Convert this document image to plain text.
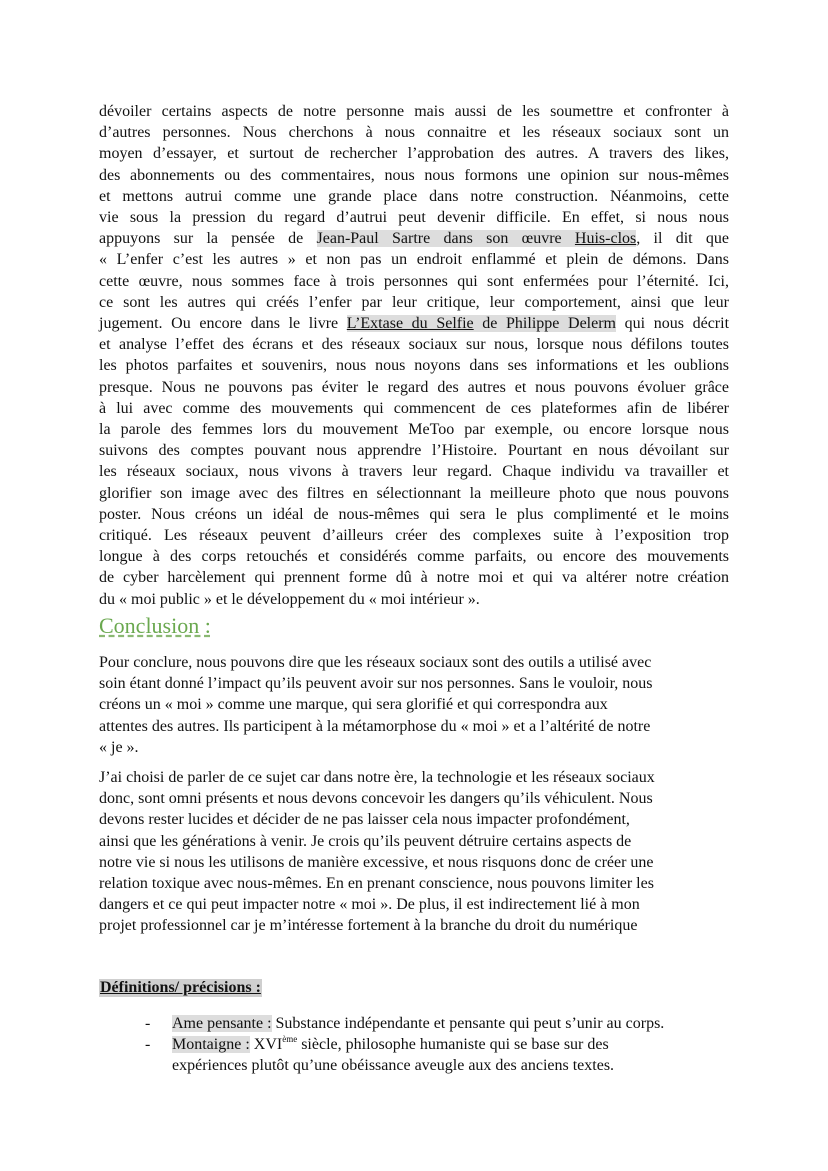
dévoiler certains aspects de notre personne mais aussi de les soumettre et confronter à
d’autres personnes. Nous cherchons à nous connaitre et les réseaux sociaux sont un
moyen d’essayer, et surtout de rechercher l’approbation des autres. A travers des likes,
des abonnements ou des commentaires, nous nous formons une opinion sur nous-mêmes
et mettons autrui comme une grande place dans notre construction. Néanmoins, cette
vie sous la pression du regard d’autrui peut devenir difficile. En effet, si nous nous
appuyons sur la pensée de Jean-Paul Sartre dans son œuvre Huis-clos, il dit que
« L’enfer c’est les autres » et non pas un endroit enflammé et plein de démons. Dans
cette œuvre, nous sommes face à trois personnes qui sont enfermées pour l’éternité. Ici,
ce sont les autres qui créés l’enfer par leur critique, leur comportement, ainsi que leur
jugement. Ou encore dans le livre L’Extase du Selfie de Philippe Delerm qui nous décrit
et analyse l’effet des écrans et des réseaux sociaux sur nous, lorsque nous défilons toutes
les photos parfaites et souvenirs, nous nous noyons dans ses informations et les oublions
presque. Nous ne pouvons pas éviter le regard des autres et nous pouvons évoluer grâce
à lui avec comme des mouvements qui commencent de ces plateformes afin de libérer
la parole des femmes lors du mouvement MeToo par exemple, ou encore lorsque nous
suivons des comptes pouvant nous apprendre l’Histoire. Pourtant en nous dévoilant sur
les réseaux sociaux, nous vivons à travers leur regard. Chaque individu va travailler et
glorifier son image avec des filtres en sélectionnant la meilleure photo que nous pouvons
poster. Nous créons un idéal de nous-mêmes qui sera le plus complimenté et le moins
critiqué. Les réseaux peuvent d’ailleurs créer des complexes suite à l’exposition trop
longue à des corps retouchés et considérés comme parfaits, ou encore des mouvements
de cyber harcèlement qui prennent forme dû à notre moi et qui va altérer notre création
du « moi public » et le développement du « moi intérieur ».
Conclusion :
Pour conclure, nous pouvons dire que les réseaux sociaux sont des outils a utilisé avec
soin étant donné l’impact qu’ils peuvent avoir sur nos personnes. Sans le vouloir, nous
créons un « moi » comme une marque, qui sera glorifié et qui correspondra aux
attentes des autres. Ils participent à la métamorphose du « moi » et a l’altérité de notre
« je ».
J’ai choisi de parler de ce sujet car dans notre ère, la technologie et les réseaux sociaux
donc, sont omni présents et nous devons concevoir les dangers qu’ils véhiculent. Nous
devons rester lucides et décider de ne pas laisser cela nous impacter profondément,
ainsi que les générations à venir. Je crois qu’ils peuvent détruire certains aspects de
notre vie si nous les utilisons de manière excessive, et nous risquons donc de créer une
relation toxique avec nous-mêmes. En en prenant conscience, nous pouvons limiter les
dangers et ce qui peut impacter notre « moi ». De plus, il est indirectement lié à mon
projet professionnel car je m’intéresse fortement à la branche du droit du numérique
Définitions/ précisions :
- Ame pensante : Substance indépendante et pensante qui peut s’unir au corps.
- Montaigne : XVIème siècle, philosophe humaniste qui se base sur des
expériences plutôt qu’une obéissance aveugle aux des anciens textes.
